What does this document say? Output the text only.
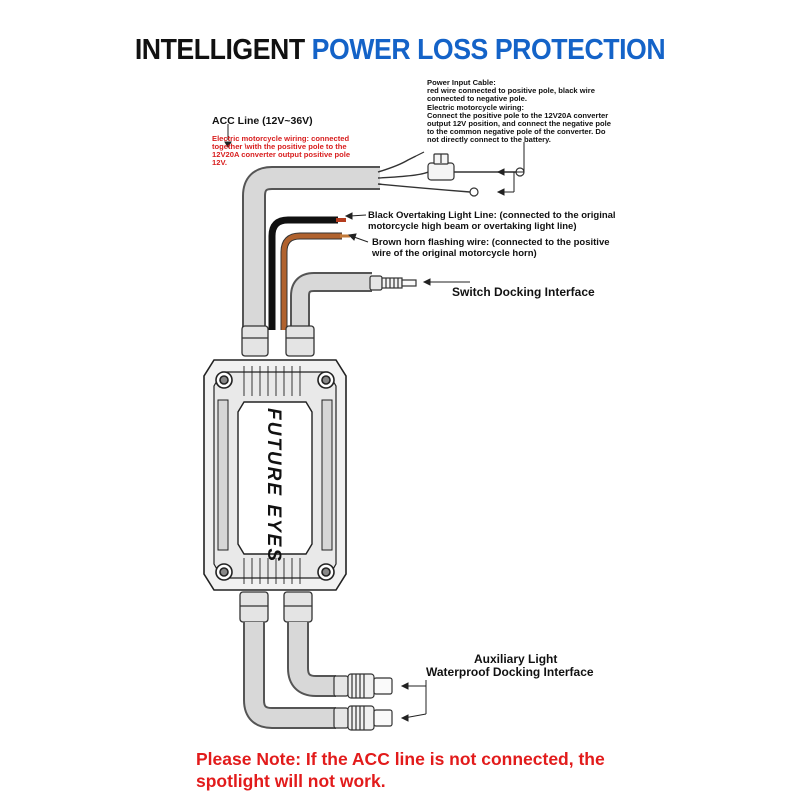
INTELLIGENT POWER LOSS PROTECTION
FUTURE EYES
Power Input Cable:
red wire connected to positive pole, black wire
connected to negative pole.
Electric motorcycle wiring:
Connect the positive pole to the 12V20A converter
output 12V position, and connect the negative pole
to the common negative pole of the converter. Do
not directly connect to the battery.
ACC Line (12V~36V)
Electric motorcycle wiring: connected
together \with the positive pole to the
12V20A converter output positive pole
12V.
Black Overtaking Light Line: (connected to the original
motorcycle high beam or overtaking light line)
Brown horn flashing wire: (connected to the positive
wire of the original motorcycle horn)
Switch Docking Interface
Auxiliary Light
Waterproof Docking Interface
Please Note: If the ACC line is not connected, the spotlight will not work.
